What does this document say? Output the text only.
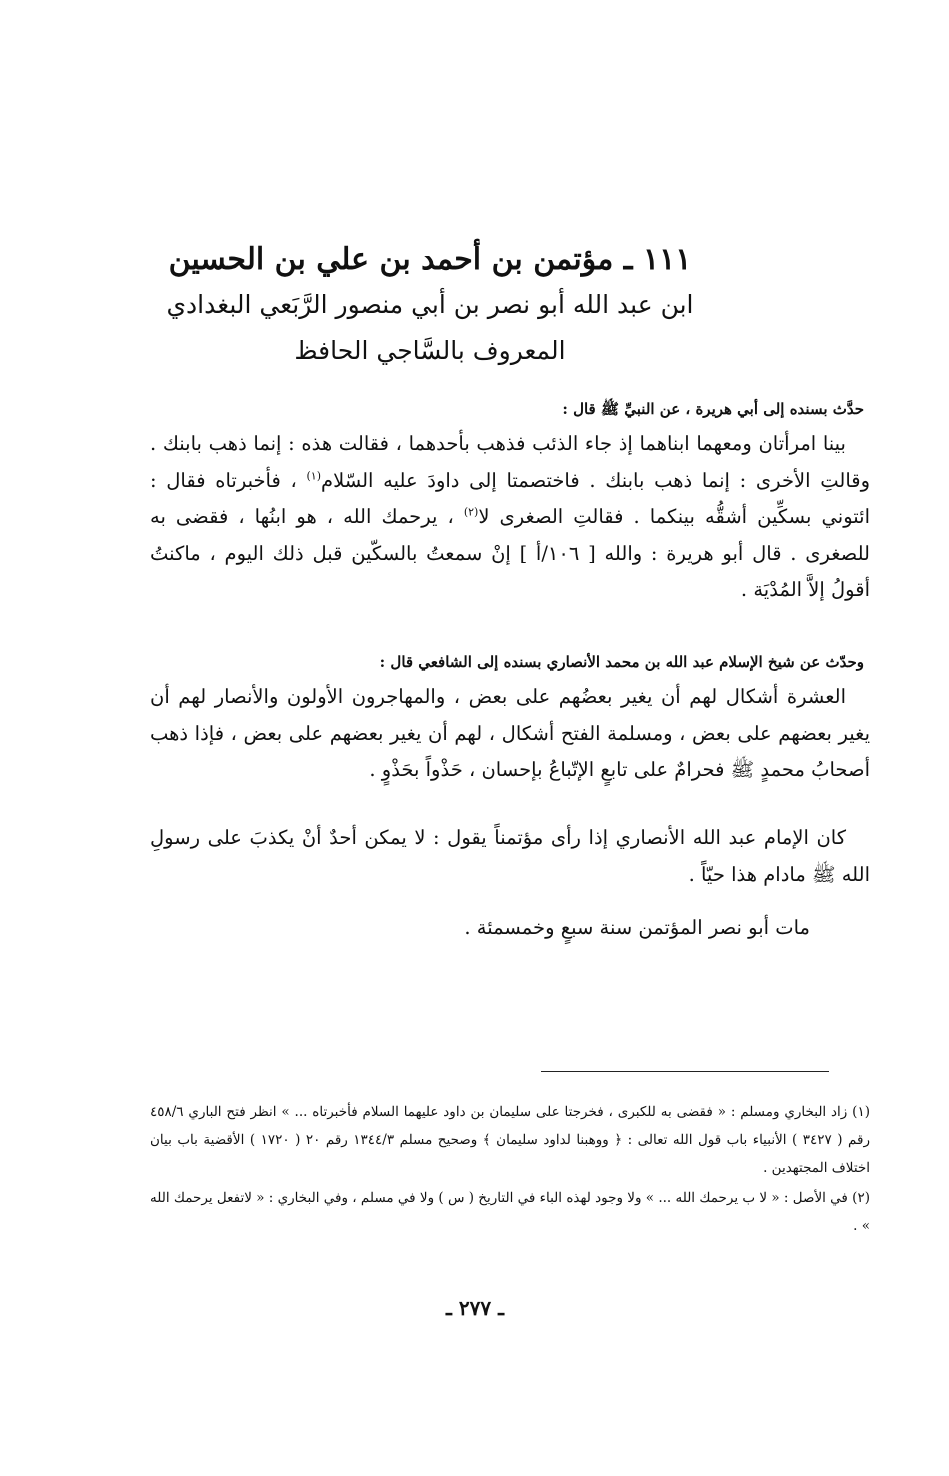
١١١ ـ مؤتمن بن أحمد بن علي بن الحسين
ابن عبد الله أبو نصر بن أبي منصور الرَّبَعي البغدادي
المعروف بالسَّاجي الحافظ
حدَّث بسنده إلى أبي هريرة ، عن النبيِّ ﷺ قال :
بينا امرأتان ومعهما ابناهما إذ جاء الذئب فذهب بأحدهما ، فقالت هذه : إنما ذهب بابنك . وقالتِ الأخرى : إنما ذهب بابنك . فاختصمتا إلى داودَ عليه السّلام$^{(١)}$ ، فأخبرتاه فقال : ائتوني بسكِّين أشقُّه بينكما . فقالتِ الصغرى لا$^{(٢)}$ ، يرحمك الله ، هو ابنُها ، فقضى به للصغرى . قال أبو هريرة : والله [ ١٠٦/أ ] إنْ سمعتُ بالسكّين قبل ذلك اليوم ، ماكنتُ أقولُ إلاَّ المُدْيَة .
وحدّث عن شيخ الإسلام عبد الله بن محمد الأنصاري بسنده إلى الشافعي قال :
العشرة أشكال لهم أن يغير بعضُهم على بعض ، والمهاجرون الأولون والأنصار لهم أن يغير بعضهم على بعض ، ومسلمة الفتح أشكال ، لهم أن يغير بعضهم على بعض ، فإذا ذهب أصحابُ محمدٍ ﷺ فحرامٌ على تابعٍ الإتّباعُ بإحسان ، حَذْواً بحَذْوٍ .
كان الإمام عبد الله الأنصاري إذا رأى مؤتمناً يقول : لا يمكن أحدٌ أنْ يكذبَ على رسولِ الله ﷺ مادام هذا حيّاً .
مات أبو نصر المؤتمن سنة سبعٍ وخمسمئة .

(١) زاد البخاري ومسلم : « فقضى به للكبرى ، فخرجتا على سليمان بن داود عليهما السلام فأخبرتاه ... » انظر فتح الباري ٤٥٨/٦ رقم ( ٣٤٢٧ ) الأنبياء باب قول الله تعالى : ﴿ ووهبنا لداود سليمان ﴾ وصحيح مسلم ١٣٤٤/٣ رقم ٢٠ ( ١٧٢٠ ) الأقضية باب بيان اختلاف المجتهدين .

(٢) في الأصل : « لا ب يرحمك الله ... » ولا وجود لهذه الباء في التاريخ ( س ) ولا في مسلم ، وفي البخاري : « لاتفعل يرحمك الله » .

ـ ٢٧٧ ـ
